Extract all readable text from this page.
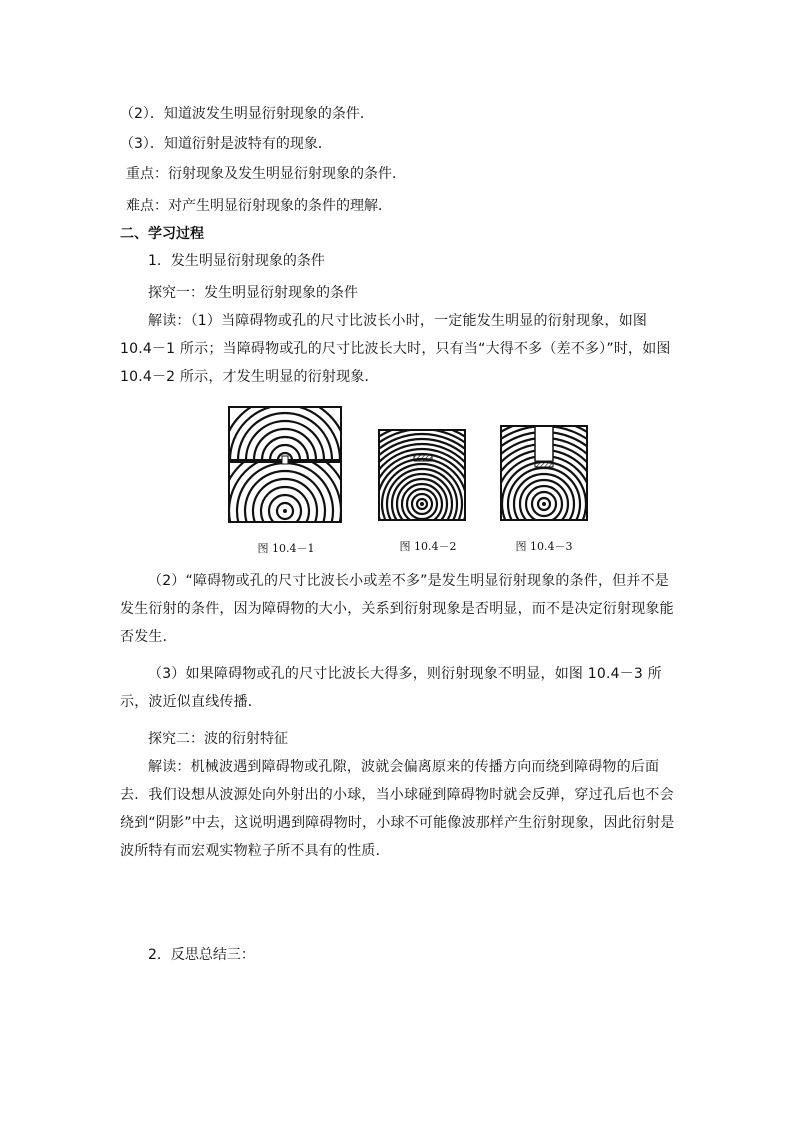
（2）．知道波发生明显衍射现象的条件．
（3）．知道衍射是波特有的现象．
重点：衍射现象及发生明显衍射现象的条件．
难点：对产生明显衍射现象的条件的理解．
二、学习过程
1．发生明显衍射现象的条件
探究一：发生明显衍射现象的条件
解读：（1）当障碍物或孔的尺寸比波长小时，一定能发生明显的衍射现象，如图 10.4－1 所示；当障碍物或孔的尺寸比波长大时，只有当“大得不多（差不多）”时，如图 10.4－2 所示，才发生明显的衍射现象．
图 10.4－1	图 10.4－2	图 10.4－3
（2）“障碍物或孔的尺寸比波长小或差不多”是发生明显衍射现象的条件，但并不是发生衍射的条件，因为障碍物的大小，关系到衍射现象是否明显，而不是决定衍射现象能否发生．
（3）如果障碍物或孔的尺寸比波长大得多，则衍射现象不明显，如图 10.4－3 所示，波近似直线传播．
探究二：波的衍射特征
解读：机械波遇到障碍物或孔隙，波就会偏离原来的传播方向而绕到障碍物的后面去．我们设想从波源处向外射出的小球，当小球碰到障碍物时就会反弹，穿过孔后也不会绕到“阴影”中去，这说明遇到障碍物时，小球不可能像波那样产生衍射现象，因此衍射是波所特有而宏观实物粒子所不具有的性质．
2．反思总结三：
